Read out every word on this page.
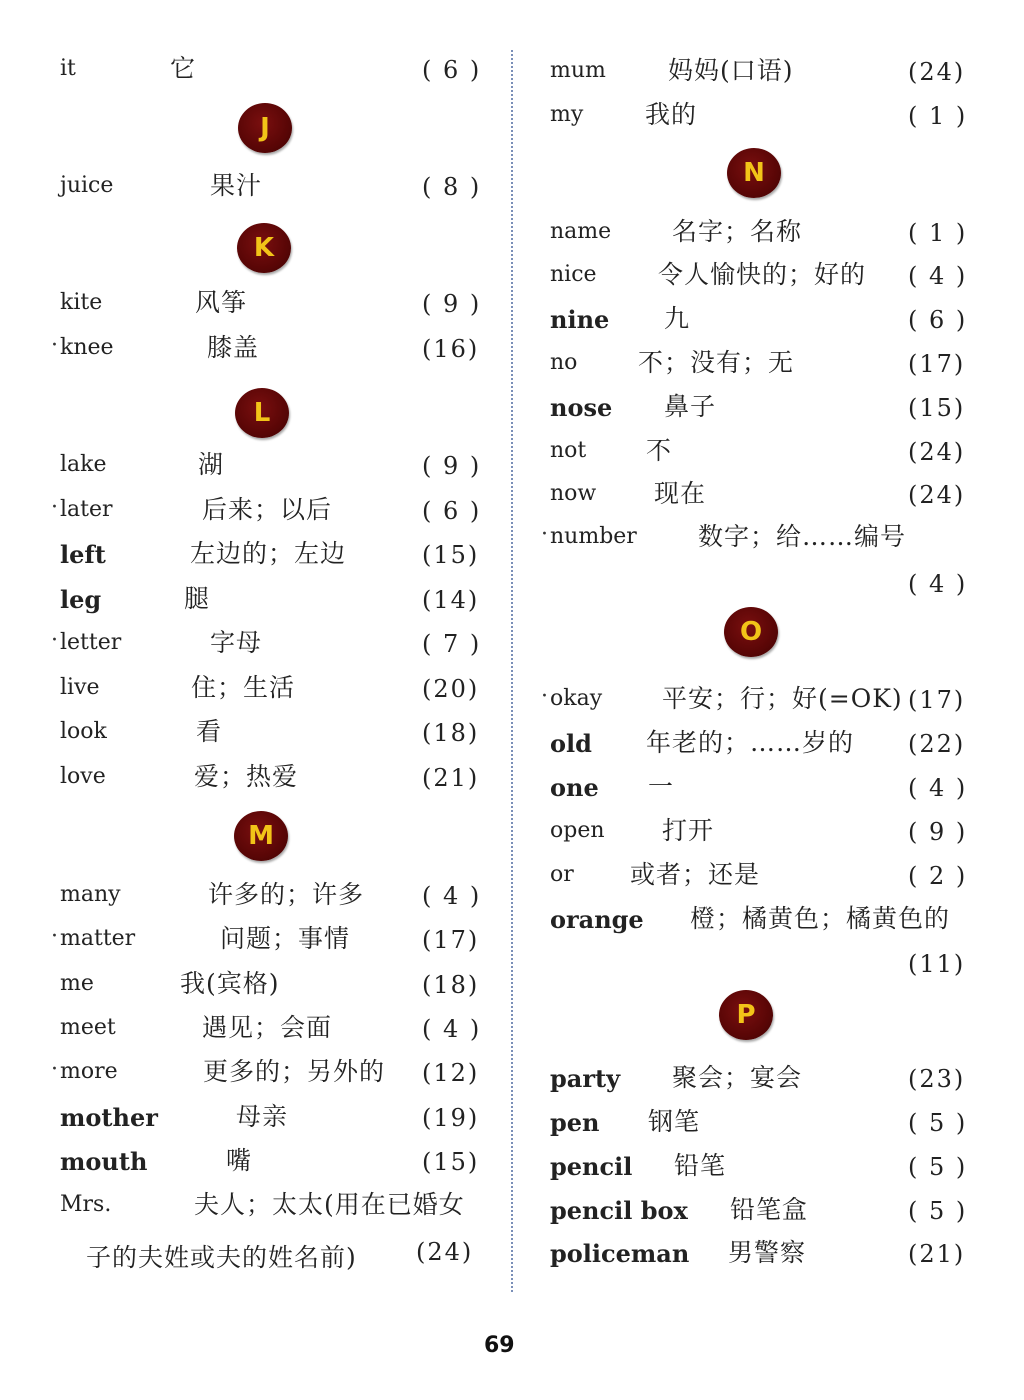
it	它	( 6 )
J
juice	果汁	( 8 )
K
kite	风筝	( 9 )
· knee	膝盖	(16)
L
lake	湖	( 9 )
· later	后来；以后	( 6 )
left	左边的；左边	(15)
leg	腿	(14)
· letter	字母	( 7 )
live	住；生活	(20)
look	看	(18)
love	爱；热爱	(21)
M
many	许多的；许多 ( 4 )
· matter	问题；事情	(17)
me	我(宾格)	(18)
meet	遇见；会面	( 4 )
· more	更多的；另外的 (12)
mother	母亲	(19)
mouth	嘴	(15)
Mrs.	夫人；太太(用在已婚女
子的夫姓或夫的姓名前) (24)
mum 妈妈(口语)	(24)
my 我的	( 1 )
N
name 名字；名称	( 1 )
nice 令人愉快的；好的 ( 4 )
nine 九	( 6 )
no 不；没有；无	(17)
nose 鼻子	(15)
not 不	(24)
now 现在	(24)
· number 数字；给……编号
( 4 )
O
· okay 平安；行；好(=OK) (17)
old 年老的；……岁的 (22)
one 一	( 4 )
open 打开	( 9 )
or 或者；还是	( 2 )
orange 橙；橘黄色；橘黄色的
(11)
P
party 聚会；宴会	(23)
pen 钢笔	( 5 )
pencil 铅笔	( 5 )
pencil box 铅笔盒	( 5 )
policeman 男警察	(21)
69
